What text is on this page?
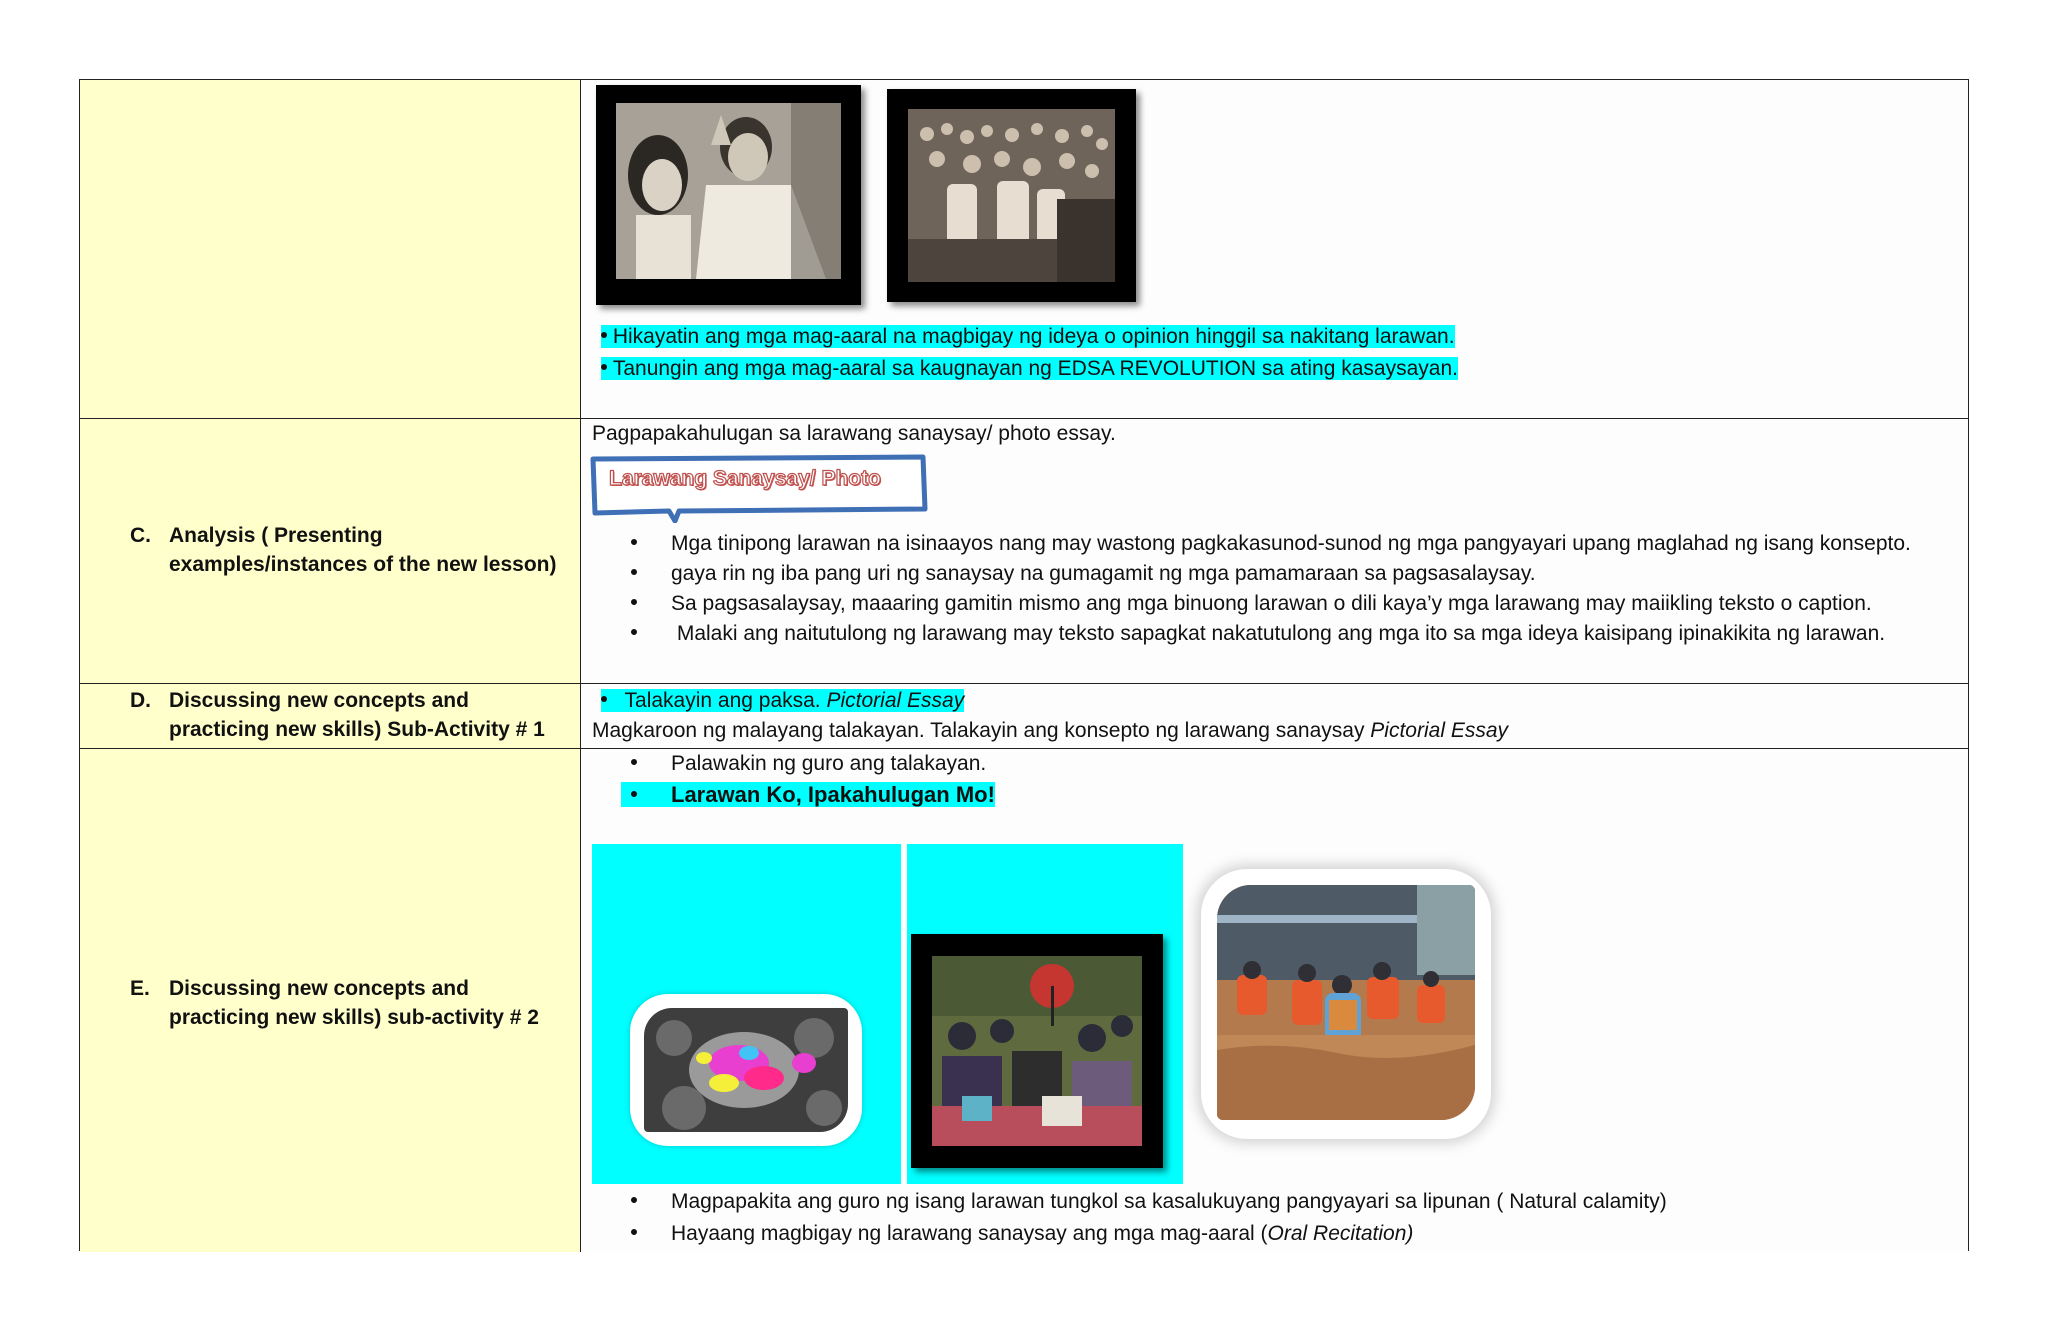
Hikayatin ang mga mag-aaral na magbigay ng ideya o opinion hinggil sa nakitang larawan.
Tanungin ang mga mag-aaral sa kaugnayan ng EDSA REVOLUTION sa ating kasaysayan.
C. Analysis ( Presenting examples/instances of the new lesson)
Pagpapakahulugan sa larawang sanaysay/ photo essay.
Larawang Sanaysay/ Photo
Mga tinipong larawan na isinaayos nang may wastong pagkakasunod-sunod ng mga pangyayari upang maglahad ng isang konsepto.
gaya rin ng iba pang uri ng sanaysay na gumagamit ng mga pamamaraan sa pagsasalaysay.
Sa pagsasalaysay, maaaring gamitin mismo ang mga binuong larawan o dili kaya’y mga larawang may maiikling teksto o caption.
Malaki ang naitutulong ng larawang may teksto sapagkat nakatutulong ang mga ito sa mga ideya kaisipang ipinakikita ng larawan.
D. Discussing new concepts and practicing new skills) Sub-Activity # 1
Talakayin ang paksa. Pictorial Essay
Magkaroon ng malayang talakayan. Talakayin ang konsepto ng larawang sanaysay Pictorial Essay
E. Discussing new concepts and practicing new skills) sub-activity # 2
Palawakin ng guro ang talakayan.
Larawan Ko, Ipakahulugan Mo!
Magpapakita ang guro ng isang larawan tungkol sa kasalukuyang pangyayari sa lipunan ( Natural calamity)
Hayaang magbigay ng larawang sanaysay ang mga mag-aaral (Oral Recitation)
